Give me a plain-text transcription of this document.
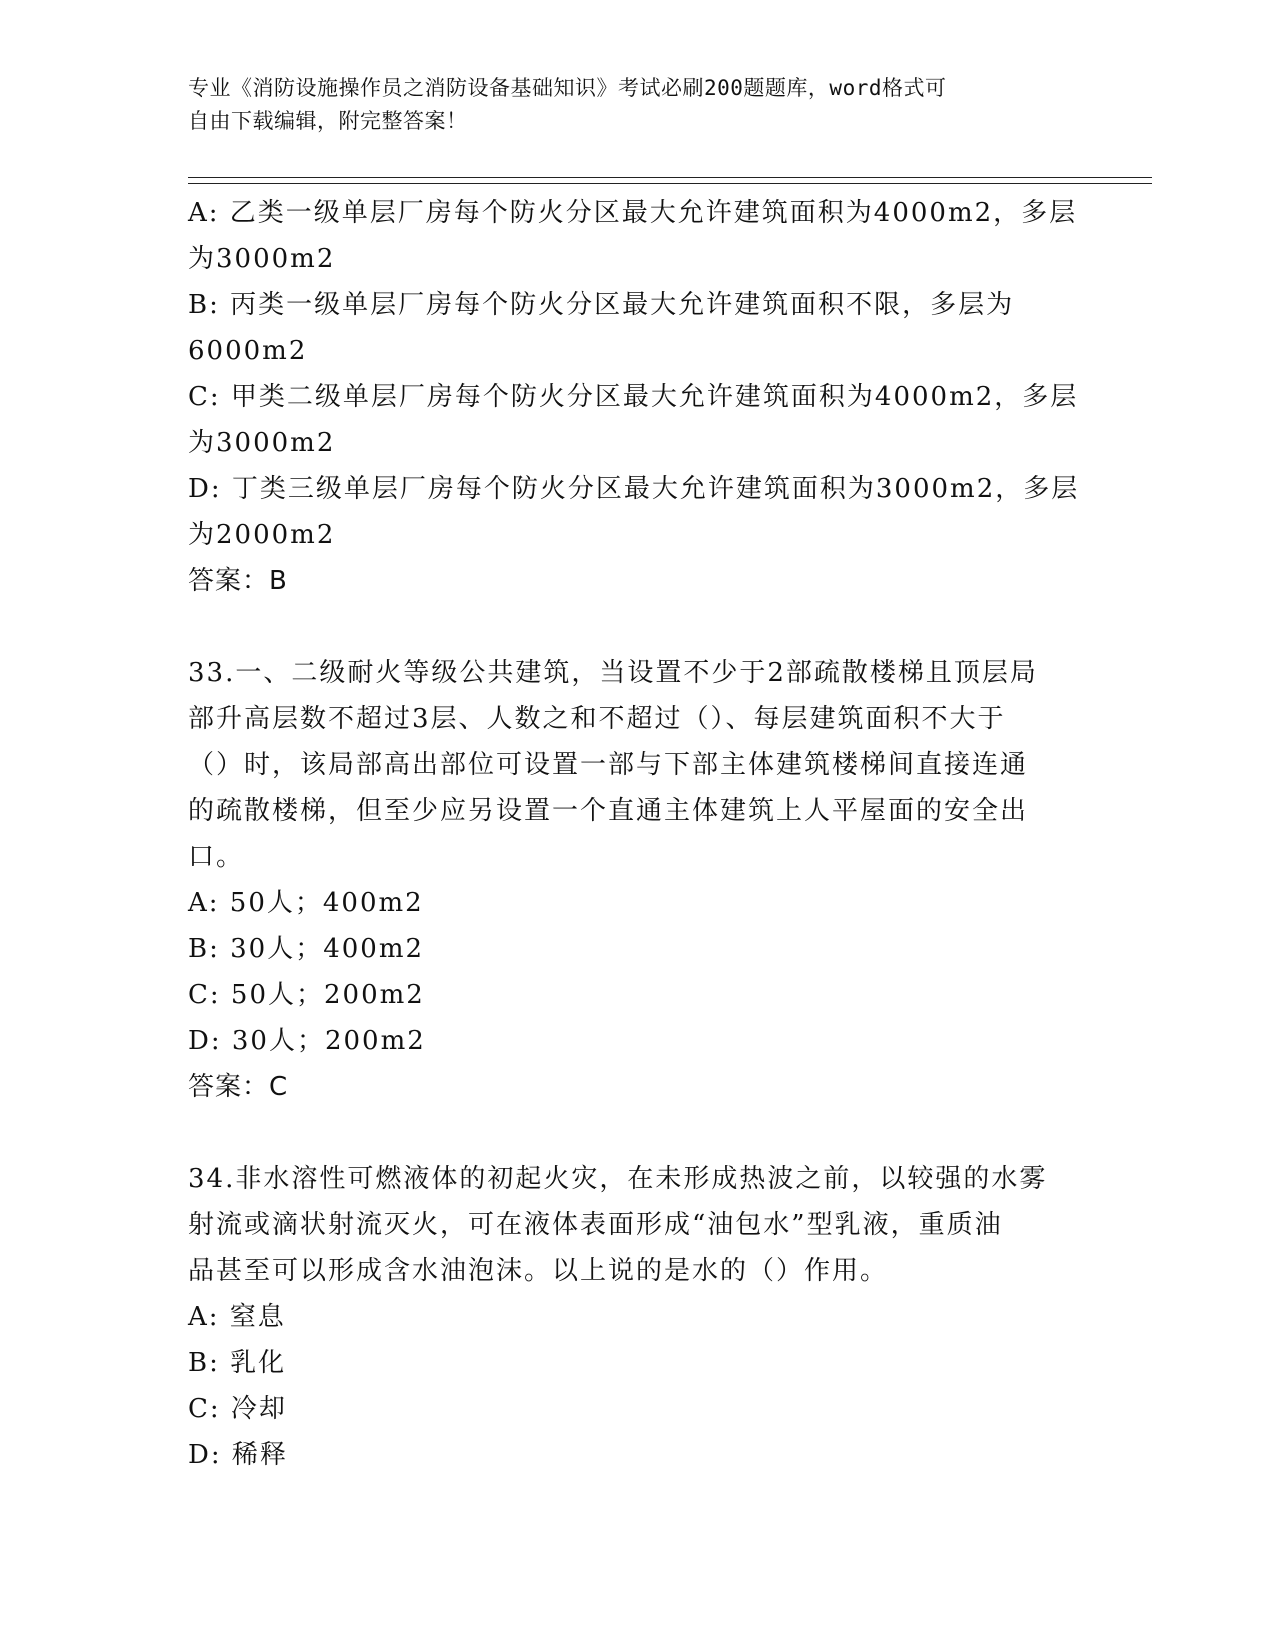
专业《消防设施操作员之消防设备基础知识》考试必刷200题题库，word格式可
自由下载编辑，附完整答案！
A: 乙类一级单层厂房每个防火分区最大允许建筑面积为4000m2，多层
为3000m2
B: 丙类一级单层厂房每个防火分区最大允许建筑面积不限，多层为
6000m2
C: 甲类二级单层厂房每个防火分区最大允许建筑面积为4000m2，多层
为3000m2
D: 丁类三级单层厂房每个防火分区最大允许建筑面积为3000m2，多层
为2000m2
答案：B
33.一、二级耐火等级公共建筑，当设置不少于2部疏散楼梯且顶层局
部升高层数不超过3层、人数之和不超过（）、每层建筑面积不大于
（）时，该局部高出部位可设置一部与下部主体建筑楼梯间直接连通
的疏散楼梯，但至少应另设置一个直通主体建筑上人平屋面的安全出
口。
A: 50人；400m2
B: 30人；400m2
C: 50人；200m2
D: 30人；200m2
答案：C
34.非水溶性可燃液体的初起火灾，在未形成热波之前，以较强的水雾
射流或滴状射流灭火，可在液体表面形成“油包水”型乳液，重质油
品甚至可以形成含水油泡沫。以上说的是水的（）作用。
A: 窒息
B: 乳化
C: 冷却
D: 稀释
